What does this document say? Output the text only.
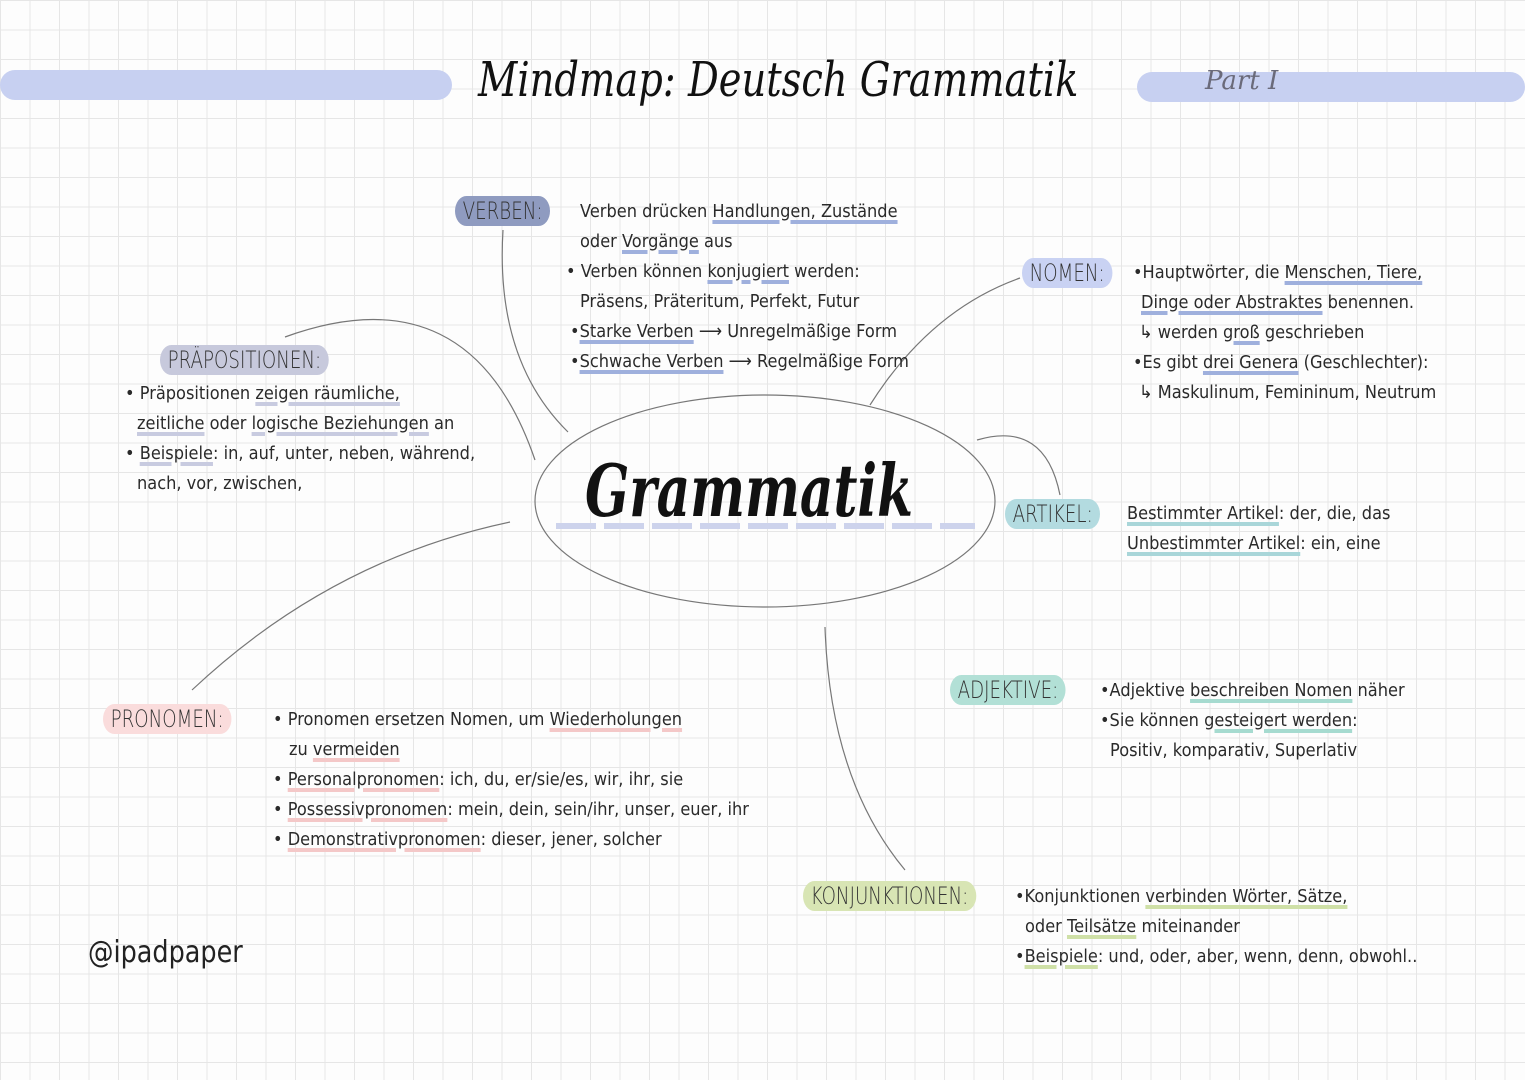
Mindmap: Deutsch Grammatik	Part I
Grammatik
VERBEN:	Verben drücken Handlungen, Zustände
oder Vorgänge aus
• Verben können konjugiert werden:
Präsens, Präteritum, Perfekt, Futur
•Starke Verben ⟶ Unregelmäßige Form
•Schwache Verben ⟶ Regelmäßige Form
NOMEN:	•Hauptwörter, die Menschen, Tiere,
Dinge oder Abstraktes benennen.
↳ werden groß geschrieben
•Es gibt drei Genera (Geschlechter):
↳ Maskulinum, Femininum, Neutrum
PRÄPOSITIONEN:
• Präpositionen zeigen räumliche,
zeitliche oder logische Beziehungen an
• Beispiele: in, auf, unter, neben, während,
nach, vor, zwischen,
ARTIKEL:	Bestimmter Artikel: der, die, das
Unbestimmter Artikel: ein, eine
ADJEKTIVE:	•Adjektive beschreiben Nomen näher
•Sie können gesteigert werden:
Positiv, komparativ, Superlativ
PRONOMEN:	• Pronomen ersetzen Nomen, um Wiederholungen
zu vermeiden
• Personalpronomen: ich, du, er/sie/es, wir, ihr, sie
• Possessivpronomen: mein, dein, sein/ihr, unser, euer, ihr
• Demonstrativpronomen: dieser, jener, solcher
KONJUNKTIONEN:	•Konjunktionen verbinden Wörter, Sätze,
oder Teilsätze miteinander
•Beispiele: und, oder, aber, wenn, denn, obwohl..
@ipadpaper
